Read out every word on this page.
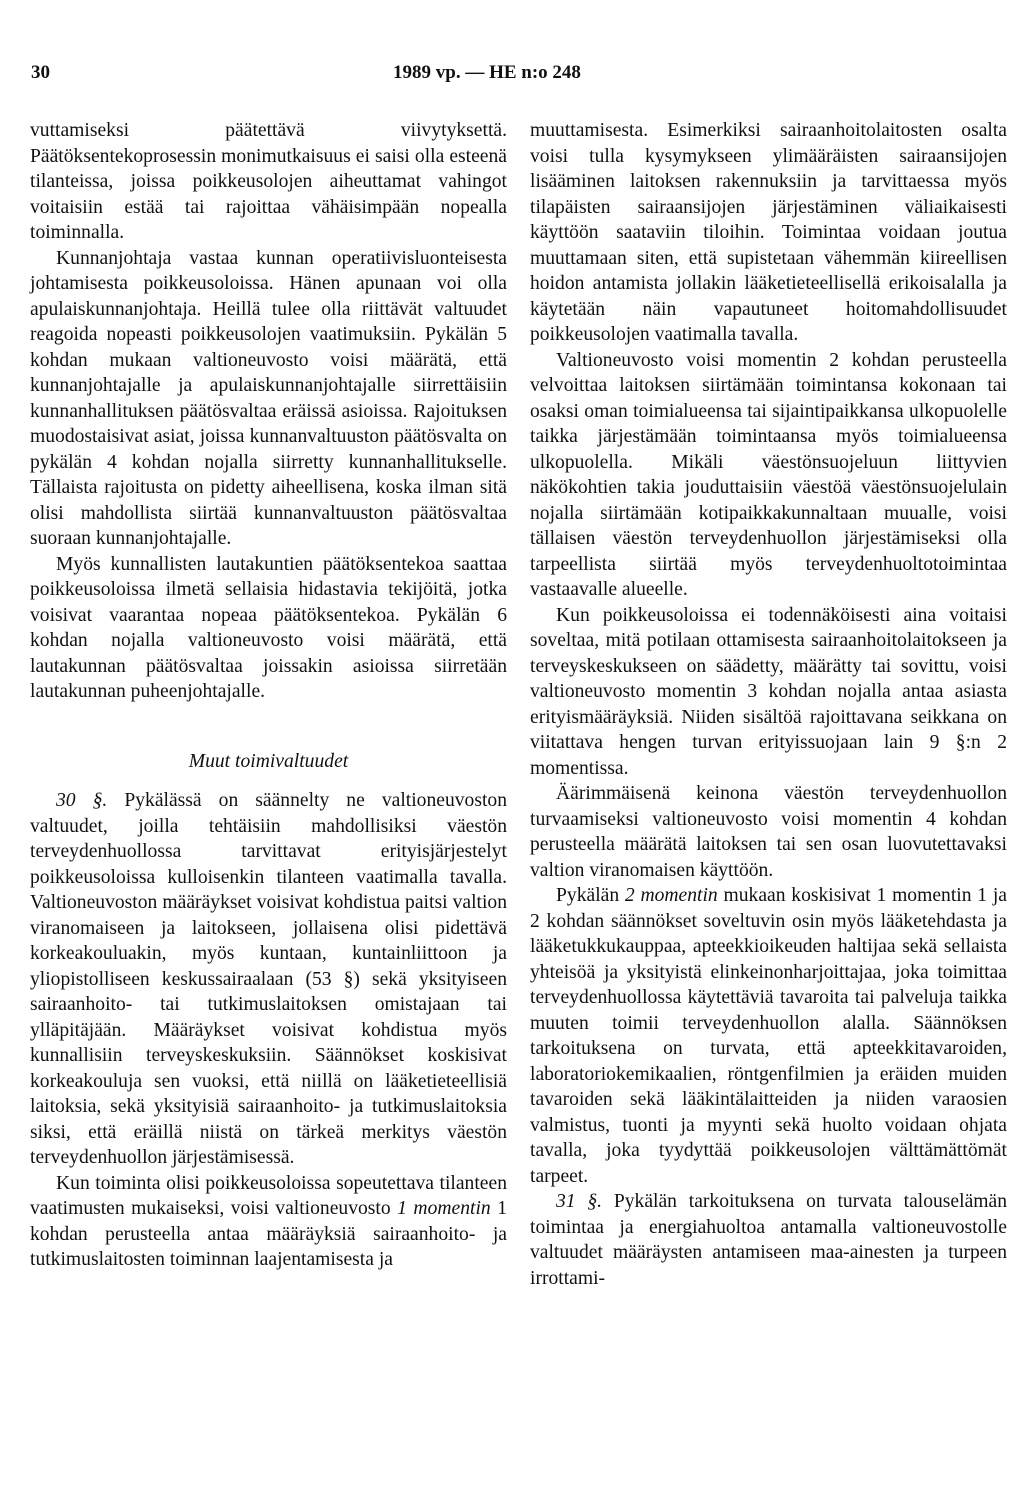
30	1989 vp. — HE n:o 248

vuttamiseksi päätettävä viivytyksettä. Päätöksentekoprosessin monimutkaisuus ei saisi olla esteenä tilanteissa, joissa poikkeusolojen aiheuttamat vahingot voitaisiin estää tai rajoittaa vähäisimpään nopealla toiminnalla.

Kunnanjohtaja vastaa kunnan operatiivisluonteisesta johtamisesta poikkeusoloissa. Hänen apunaan voi olla apulaiskunnanjohtaja. Heillä tulee olla riittävät valtuudet reagoida nopeasti poikkeusolojen vaatimuksiin. Pykälän 5 kohdan mukaan valtioneuvosto voisi määrätä, että kunnanjohtajalle ja apulaiskunnanjohtajalle siirrettäisiin kunnanhallituksen päätösvaltaa eräissä asioissa. Rajoituksen muodostaisivat asiat, joissa kunnanvaltuuston päätösvalta on pykälän 4 kohdan nojalla siirretty kunnanhallitukselle. Tällaista rajoitusta on pidetty aiheellisena, koska ilman sitä olisi mahdollista siirtää kunnanvaltuuston päätösvaltaa suoraan kunnanjohtajalle.

Myös kunnallisten lautakuntien päätöksentekoa saattaa poikkeusoloissa ilmetä sellaisia hidastavia tekijöitä, jotka voisivat vaarantaa nopeaa päätöksentekoa. Pykälän 6 kohdan nojalla valtioneuvosto voisi määrätä, että lautakunnan päätösvaltaa joissakin asioissa siirretään lautakunnan puheenjohtajalle.

Muut toimivaltuudet

30 §. Pykälässä on säännelty ne valtioneuvoston valtuudet, joilla tehtäisiin mahdollisiksi väestön terveydenhuollossa tarvittavat erityisjärjestelyt poikkeusoloissa kulloisenkin tilanteen vaatimalla tavalla. Valtioneuvoston määräykset voisivat kohdistua paitsi valtion viranomaiseen ja laitokseen, jollaisena olisi pidettävä korkeakouluakin, myös kuntaan, kuntainliittoon ja yliopistolliseen keskussairaalaan (53 §) sekä yksityiseen sairaanhoito- tai tutkimuslaitoksen omistajaan tai ylläpitäjään. Määräykset voisivat kohdistua myös kunnallisiin terveyskeskuksiin. Säännökset koskisivat korkeakouluja sen vuoksi, että niillä on lääketieteellisiä laitoksia, sekä yksityisiä sairaanhoito- ja tutkimuslaitoksia siksi, että eräillä niistä on tärkeä merkitys väestön terveydenhuollon järjestämisessä.

Kun toiminta olisi poikkeusoloissa sopeutettava tilanteen vaatimusten mukaiseksi, voisi valtioneuvosto 1 momentin 1 kohdan perusteella antaa määräyksiä sairaanhoito- ja tutkimuslaitosten toiminnan laajentamisesta ja

muuttamisesta. Esimerkiksi sairaanhoitolaitosten osalta voisi tulla kysymykseen ylimääräisten sairaansijojen lisääminen laitoksen rakennuksiin ja tarvittaessa myös tilapäisten sairaansijojen järjestäminen väliaikaisesti käyttöön saataviin tiloihin. Toimintaa voidaan joutua muuttamaan siten, että supistetaan vähemmän kiireellisen hoidon antamista jollakin lääketieteellisellä erikoisalalla ja käytetään näin vapautuneet hoitomahdollisuudet poikkeusolojen vaatimalla tavalla.

Valtioneuvosto voisi momentin 2 kohdan perusteella velvoittaa laitoksen siirtämään toimintansa kokonaan tai osaksi oman toimialueensa tai sijaintipaikkansa ulkopuolelle taikka järjestämään toimintaansa myös toimialueensa ulkopuolella. Mikäli väestönsuojeluun liittyvien näkökohtien takia jouduttaisiin väestöä väestönsuojelulain nojalla siirtämään kotipaikkakunnaltaan muualle, voisi tällaisen väestön terveydenhuollon järjestämiseksi olla tarpeellista siirtää myös terveydenhuoltotoimintaa vastaavalle alueelle.

Kun poikkeusoloissa ei todennäköisesti aina voitaisi soveltaa, mitä potilaan ottamisesta sairaanhoitolaitokseen ja terveyskeskukseen on säädetty, määrätty tai sovittu, voisi valtioneuvosto momentin 3 kohdan nojalla antaa asiasta erityismääräyksiä. Niiden sisältöä rajoittavana seikkana on viitattava hengen turvan erityissuojaan lain 9 §:n 2 momentissa.

Äärimmäisenä keinona väestön terveydenhuollon turvaamiseksi valtioneuvosto voisi momentin 4 kohdan perusteella määrätä laitoksen tai sen osan luovutettavaksi valtion viranomaisen käyttöön.

Pykälän 2 momentin mukaan koskisivat 1 momentin 1 ja 2 kohdan säännökset soveltuvin osin myös lääketehdasta ja lääketukkukauppaa, apteekkioikeuden haltijaa sekä sellaista yhteisöä ja yksityistä elinkeinonharjoittajaa, joka toimittaa terveydenhuollossa käytettäviä tavaroita tai palveluja taikka muuten toimii terveydenhuollon alalla. Säännöksen tarkoituksena on turvata, että apteekkitavaroiden, laboratoriokemikaalien, röntgenfilmien ja eräiden muiden tavaroiden sekä lääkintälaitteiden ja niiden varaosien valmistus, tuonti ja myynti sekä huolto voidaan ohjata tavalla, joka tyydyttää poikkeusolojen välttämättömät tarpeet.

31 §. Pykälän tarkoituksena on turvata talouselämän toimintaa ja energiahuoltoa antamalla valtioneuvostolle valtuudet määräysten antamiseen maa-ainesten ja turpeen irrottami-
